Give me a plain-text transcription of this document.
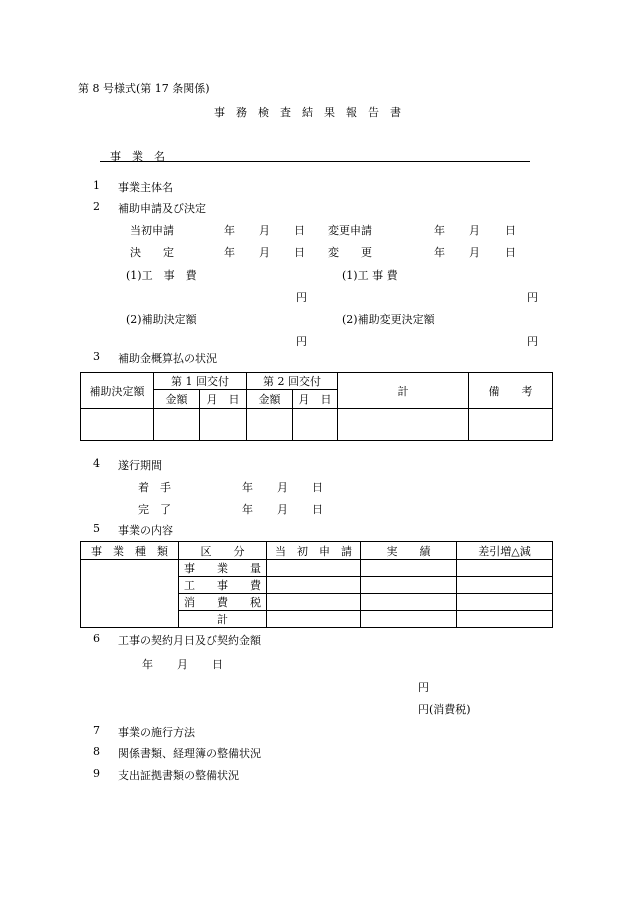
第 8 号様式(第 17 条関係)
事　務　検　査　結　果　報　告　書
事　業　名
1 事業主体名
2 補助申請及び決定
当初申請	年 月 日 変更申請	年 月 日
決　　定	年 月 日 変　　更	年 月 日
(1)工　事　費	(1)工 事 費
円	円
(2)補助決定額	(2)補助変更決定額
円	円
3 補助金概算払の状況
補助決定額	第 1 回交付		第 2 回交付		計	備　　考
	金額	月　 日	金額	月　 日		

4 遂行期間
着　手	年 月 日
完　了	年 月 日
5 事業の内容
事　業　種　類	区　　分	当　初　申　請	実　　績	差引増△減
	事　　業　　量			
	工　　事　　費			
	消　　費　　税			
	計			
6 工事の契約月日及び契約金額
年 月 日
円
円(消費税)
7 事業の施行方法
8 関係書類、経理簿の整備状況
9 支出証拠書類の整備状況
